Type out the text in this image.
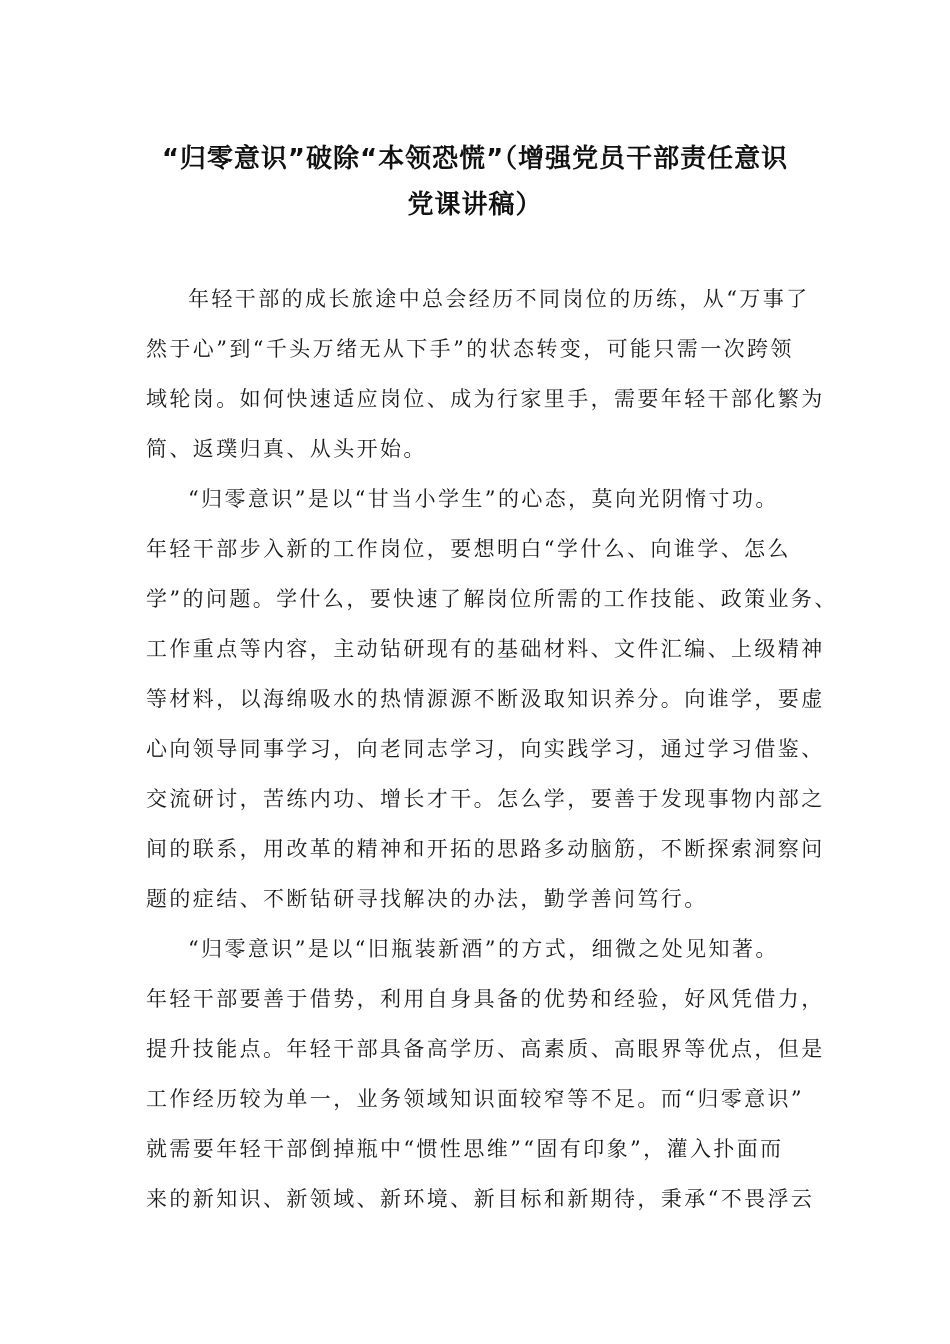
“归零意识”破除“本领恐慌”（增强党员干部责任意识
党课讲稿）
年轻干部的成长旅途中总会经历不同岗位的历练，从“万事了
然于心”到“千头万绪无从下手”的状态转变，可能只需一次跨领
域轮岗。如何快速适应岗位、成为行家里手，需要年轻干部化繁为
简、返璞归真、从头开始。
“归零意识”是以“甘当小学生”的心态，莫向光阴惰寸功。
年轻干部步入新的工作岗位，要想明白“学什么、向谁学、怎么
学”的问题。学什么，要快速了解岗位所需的工作技能、政策业务、
工作重点等内容，主动钻研现有的基础材料、文件汇编、上级精神
等材料，以海绵吸水的热情源源不断汲取知识养分。向谁学，要虚
心向领导同事学习，向老同志学习，向实践学习，通过学习借鉴、
交流研讨，苦练内功、增长才干。怎么学，要善于发现事物内部之
间的联系，用改革的精神和开拓的思路多动脑筋，不断探索洞察问
题的症结、不断钻研寻找解决的办法，勤学善问笃行。
“归零意识”是以“旧瓶装新酒”的方式，细微之处见知著。
年轻干部要善于借势，利用自身具备的优势和经验，好风凭借力，
提升技能点。年轻干部具备高学历、高素质、高眼界等优点，但是
工作经历较为单一，业务领域知识面较窄等不足。而“归零意识”
就需要年轻干部倒掉瓶中“惯性思维”“固有印象”，灌入扑面而
来的新知识、新领域、新环境、新目标和新期待，秉承“不畏浮云
